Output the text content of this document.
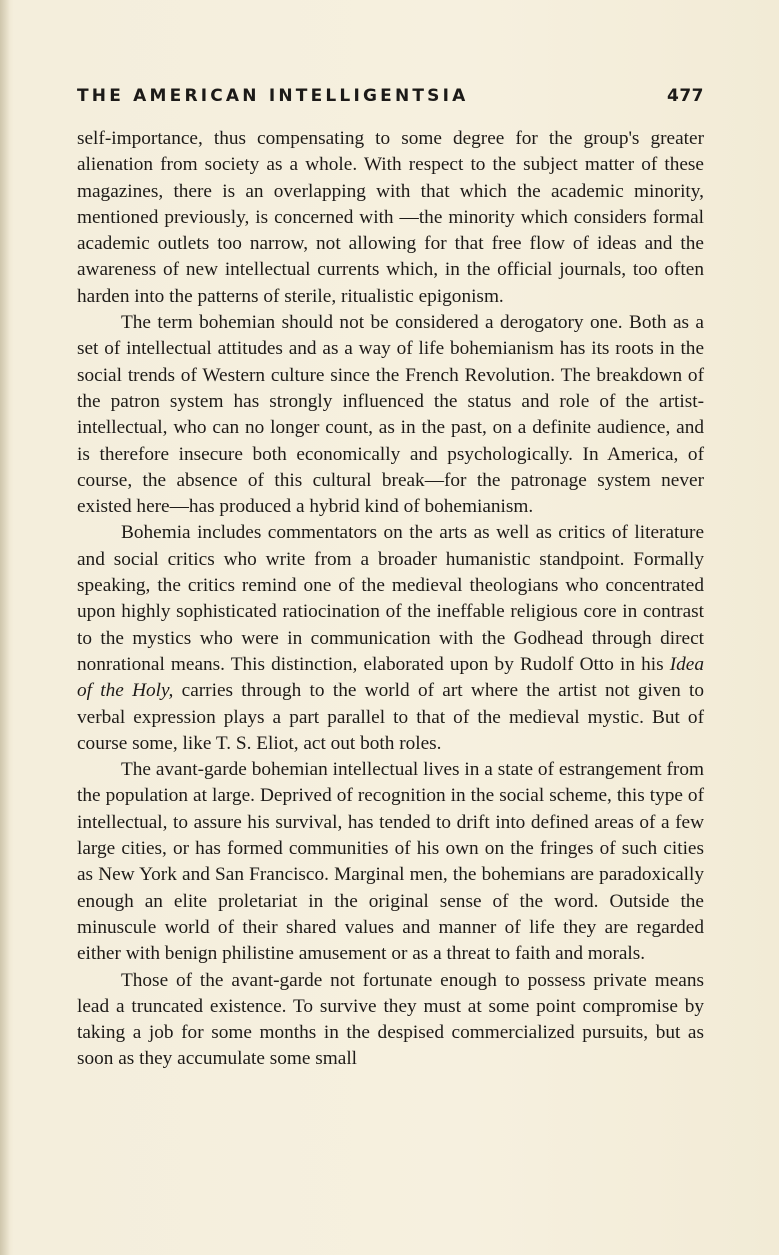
THE AMERICAN INTELLIGENTSIA	477

self-importance, thus compensating to some degree for the group's greater alienation from society as a whole. With respect to the subject matter of these magazines, there is an overlapping with that which the academic minority, mentioned previously, is concerned with —the minority which considers formal academic outlets too narrow, not allowing for that free flow of ideas and the awareness of new intellectual currents which, in the official journals, too often harden into the patterns of sterile, ritualistic epigonism.

The term bohemian should not be considered a derogatory one. Both as a set of intellectual attitudes and as a way of life bohemianism has its roots in the social trends of Western culture since the French Revolution. The breakdown of the patron system has strongly influenced the status and role of the artist-intellectual, who can no longer count, as in the past, on a definite audience, and is therefore insecure both economically and psychologically. In America, of course, the absence of this cultural break—for the patronage system never existed here—has produced a hybrid kind of bohemianism.

Bohemia includes commentators on the arts as well as critics of literature and social critics who write from a broader humanistic standpoint. Formally speaking, the critics remind one of the medieval theologians who concentrated upon highly sophisticated ratiocination of the ineffable religious core in contrast to the mystics who were in communication with the Godhead through direct nonrational means. This distinction, elaborated upon by Rudolf Otto in his Idea of the Holy, carries through to the world of art where the artist not given to verbal expression plays a part parallel to that of the medieval mystic. But of course some, like T. S. Eliot, act out both roles.

The avant-garde bohemian intellectual lives in a state of estrangement from the population at large. Deprived of recognition in the social scheme, this type of intellectual, to assure his survival, has tended to drift into defined areas of a few large cities, or has formed communities of his own on the fringes of such cities as New York and San Francisco. Marginal men, the bohemians are paradoxically enough an elite proletariat in the original sense of the word. Outside the minuscule world of their shared values and manner of life they are regarded either with benign philistine amusement or as a threat to faith and morals.

Those of the avant-garde not fortunate enough to possess private means lead a truncated existence. To survive they must at some point compromise by taking a job for some months in the despised commercialized pursuits, but as soon as they accumulate some small
